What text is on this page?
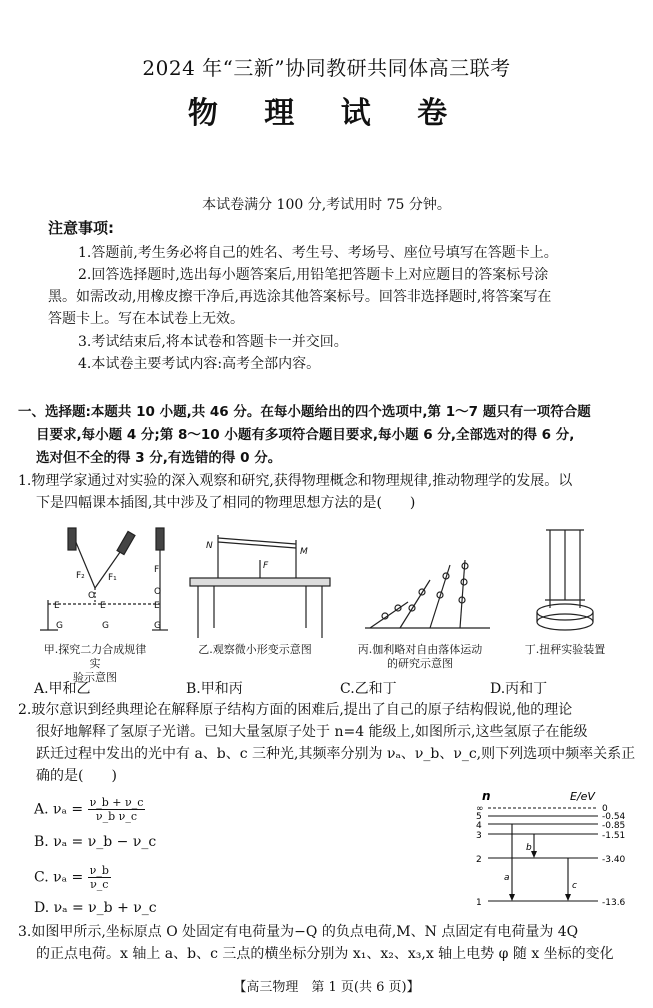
2024 年“三新”协同教研共同体高三联考
物 理 试 卷
本试卷满分 100 分,考试用时 75 分钟。
注意事项:
1.答题前,考生务必将自己的姓名、考生号、考场号、座位号填写在答题卡上。
2.回答选择题时,选出每小题答案后,用铅笔把答题卡上对应题目的答案标号涂
黑。如需改动,用橡皮擦干净后,再选涂其他答案标号。回答非选择题时,将答案写在
答题卡上。写在本试卷上无效。
3.考试结束后,将本试卷和答题卡一并交回。
4.本试卷主要考试内容:高考全部内容。
一、选择题:本题共 10 小题,共 46 分。在每小题给出的四个选项中,第 1～7 题只有一项符合题
目要求,每小题 4 分;第 8～10 小题有多项符合题目要求,每小题 6 分,全部选对的得 6 分,
选对但不全的得 3 分,有选错的得 0 分。
1.物理学家通过对实验的深入观察和研究,获得物理概念和物理规律,推动物理学的发展。以
下是四幅课本插图,其中涉及了相同的物理思想方法的是(　　)
F₂	F₁
O
E	E
G	G
F
O
E
G
N
M
F
甲.探究二力合成规律实
验示意图
乙.观察微小形变示意图	丙.伽利略对自由落体运动
的研究示意图
丁.扭秤实验装置
A.甲和乙	B.甲和丙	C.乙和丁	D.丙和丁
2.玻尔意识到经典理论在解释原子结构方面的困难后,提出了自己的原子结构假说,他的理论
很好地解释了氢原子光谱。已知大量氢原子处于 n=4 能级上,如图所示,这些氢原子在能级
跃迁过程中发出的光中有 a、b、c 三种光,其频率分别为 νₐ、ν_b、ν_c,则下列选项中频率关系正
确的是(　　)
A. $\nu_a = \frac{\nu\_b + \nu\_c}{\text{ν\_b ν\_c}}$
B. νₐ = ν_b − ν_c
C. $\nu_a = \frac{\nu\_b}{\nu\_c}$
D. νₐ = ν_b + ν_c
n	E/eV
a
b
c
∞
5
4
3
2
1
0
-0.54
-0.85
-1.51
-3.40
-13.6
3.如图甲所示,坐标原点 O 处固定有电荷量为−Q 的负点电荷,M、N 点固定有电荷量为 4Q
的正点电荷。x 轴上 a、b、c 三点的横坐标分别为 x₁、x₂、x₃,x 轴上电势 φ 随 x 坐标的变化
【高三物理　第 1 页(共 6 页)】
